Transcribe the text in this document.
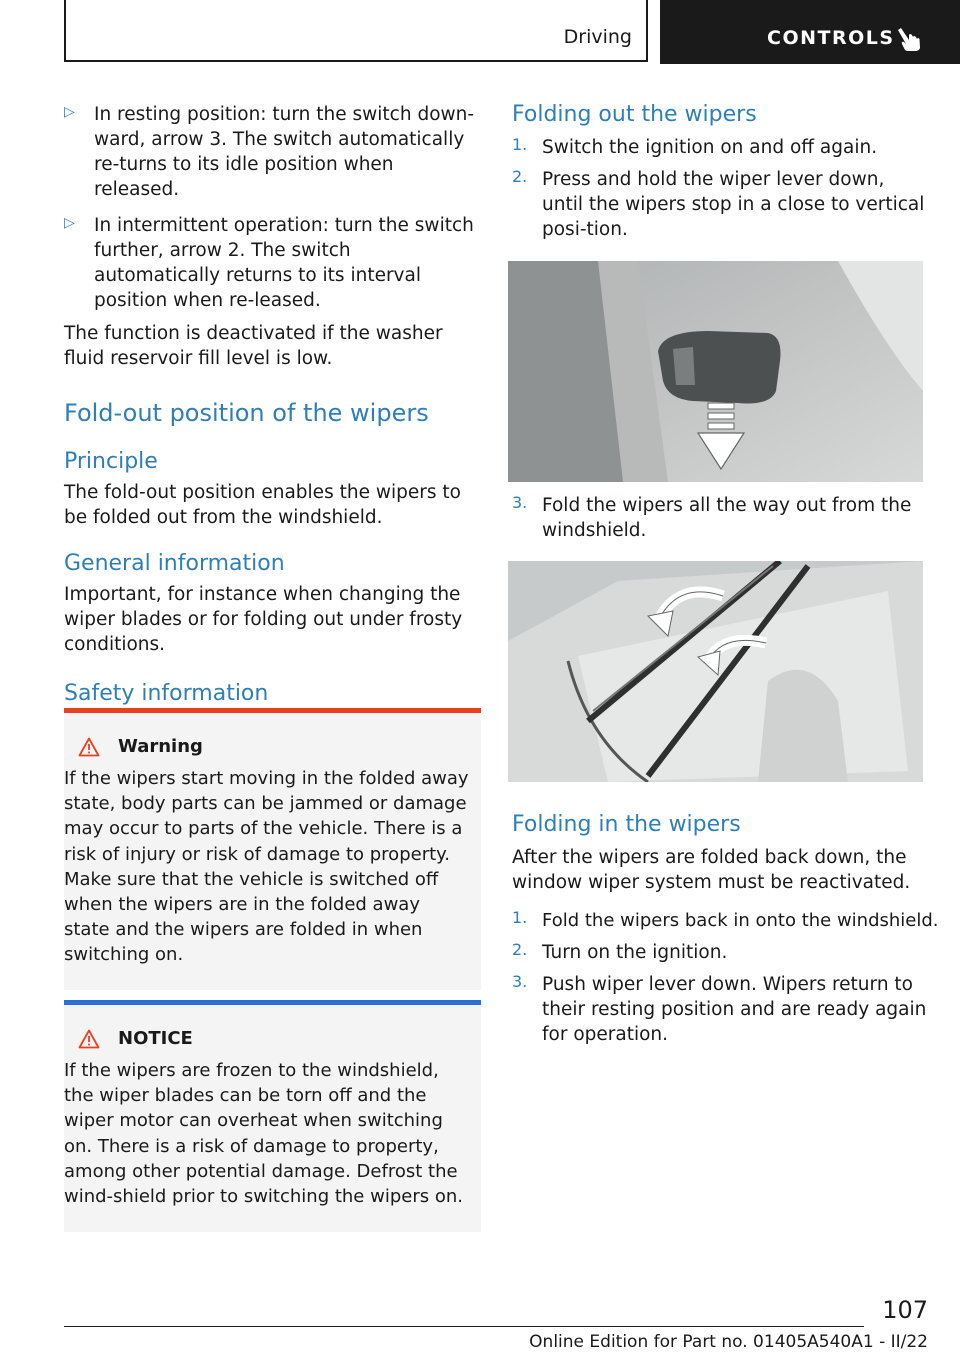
Driving	CONTROLS
▷ In resting position: turn the switch down-ward, arrow 3. The switch automatically re-turns to its idle position when released.

▷ In intermittent operation: turn the switch further, arrow 2. The switch automatically returns to its interval position when re-leased.

The function is deactivated if the washer fluid reservoir fill level is low.

Fold-out position of the wipers
Principle

The fold-out position enables the wipers to be folded out from the windshield.

General information

Important, for instance when changing the wiper blades or for folding out under frosty conditions.

Safety information
Warning

If the wipers start moving in the folded away state, body parts can be jammed or damage may occur to parts of the vehicle. There is a risk of injury or risk of damage to property. Make sure that the vehicle is switched off when the wipers are in the folded away state and the wipers are folded in when switching on.

NOTICE

If the wipers are frozen to the windshield, the wiper blades can be torn off and the wiper motor can overheat when switching on. There is a risk of damage to property, among other potential damage. Defrost the wind-shield prior to switching the wipers on.

Folding out the wipers
1. Switch the ignition on and off again.

2. Press and hold the wiper lever down, until the wipers stop in a close to vertical posi-tion.

3. Fold the wipers all the way out from the windshield.

Folding in the wipers

After the wipers are folded back down, the window wiper system must be reactivated.

1. Fold the wipers back in onto the windshield.

2. Turn on the ignition.

3. Push wiper lever down. Wipers return to their resting position and are ready again for operation.

107
Online Edition for Part no. 01405A540A1 - II/22
